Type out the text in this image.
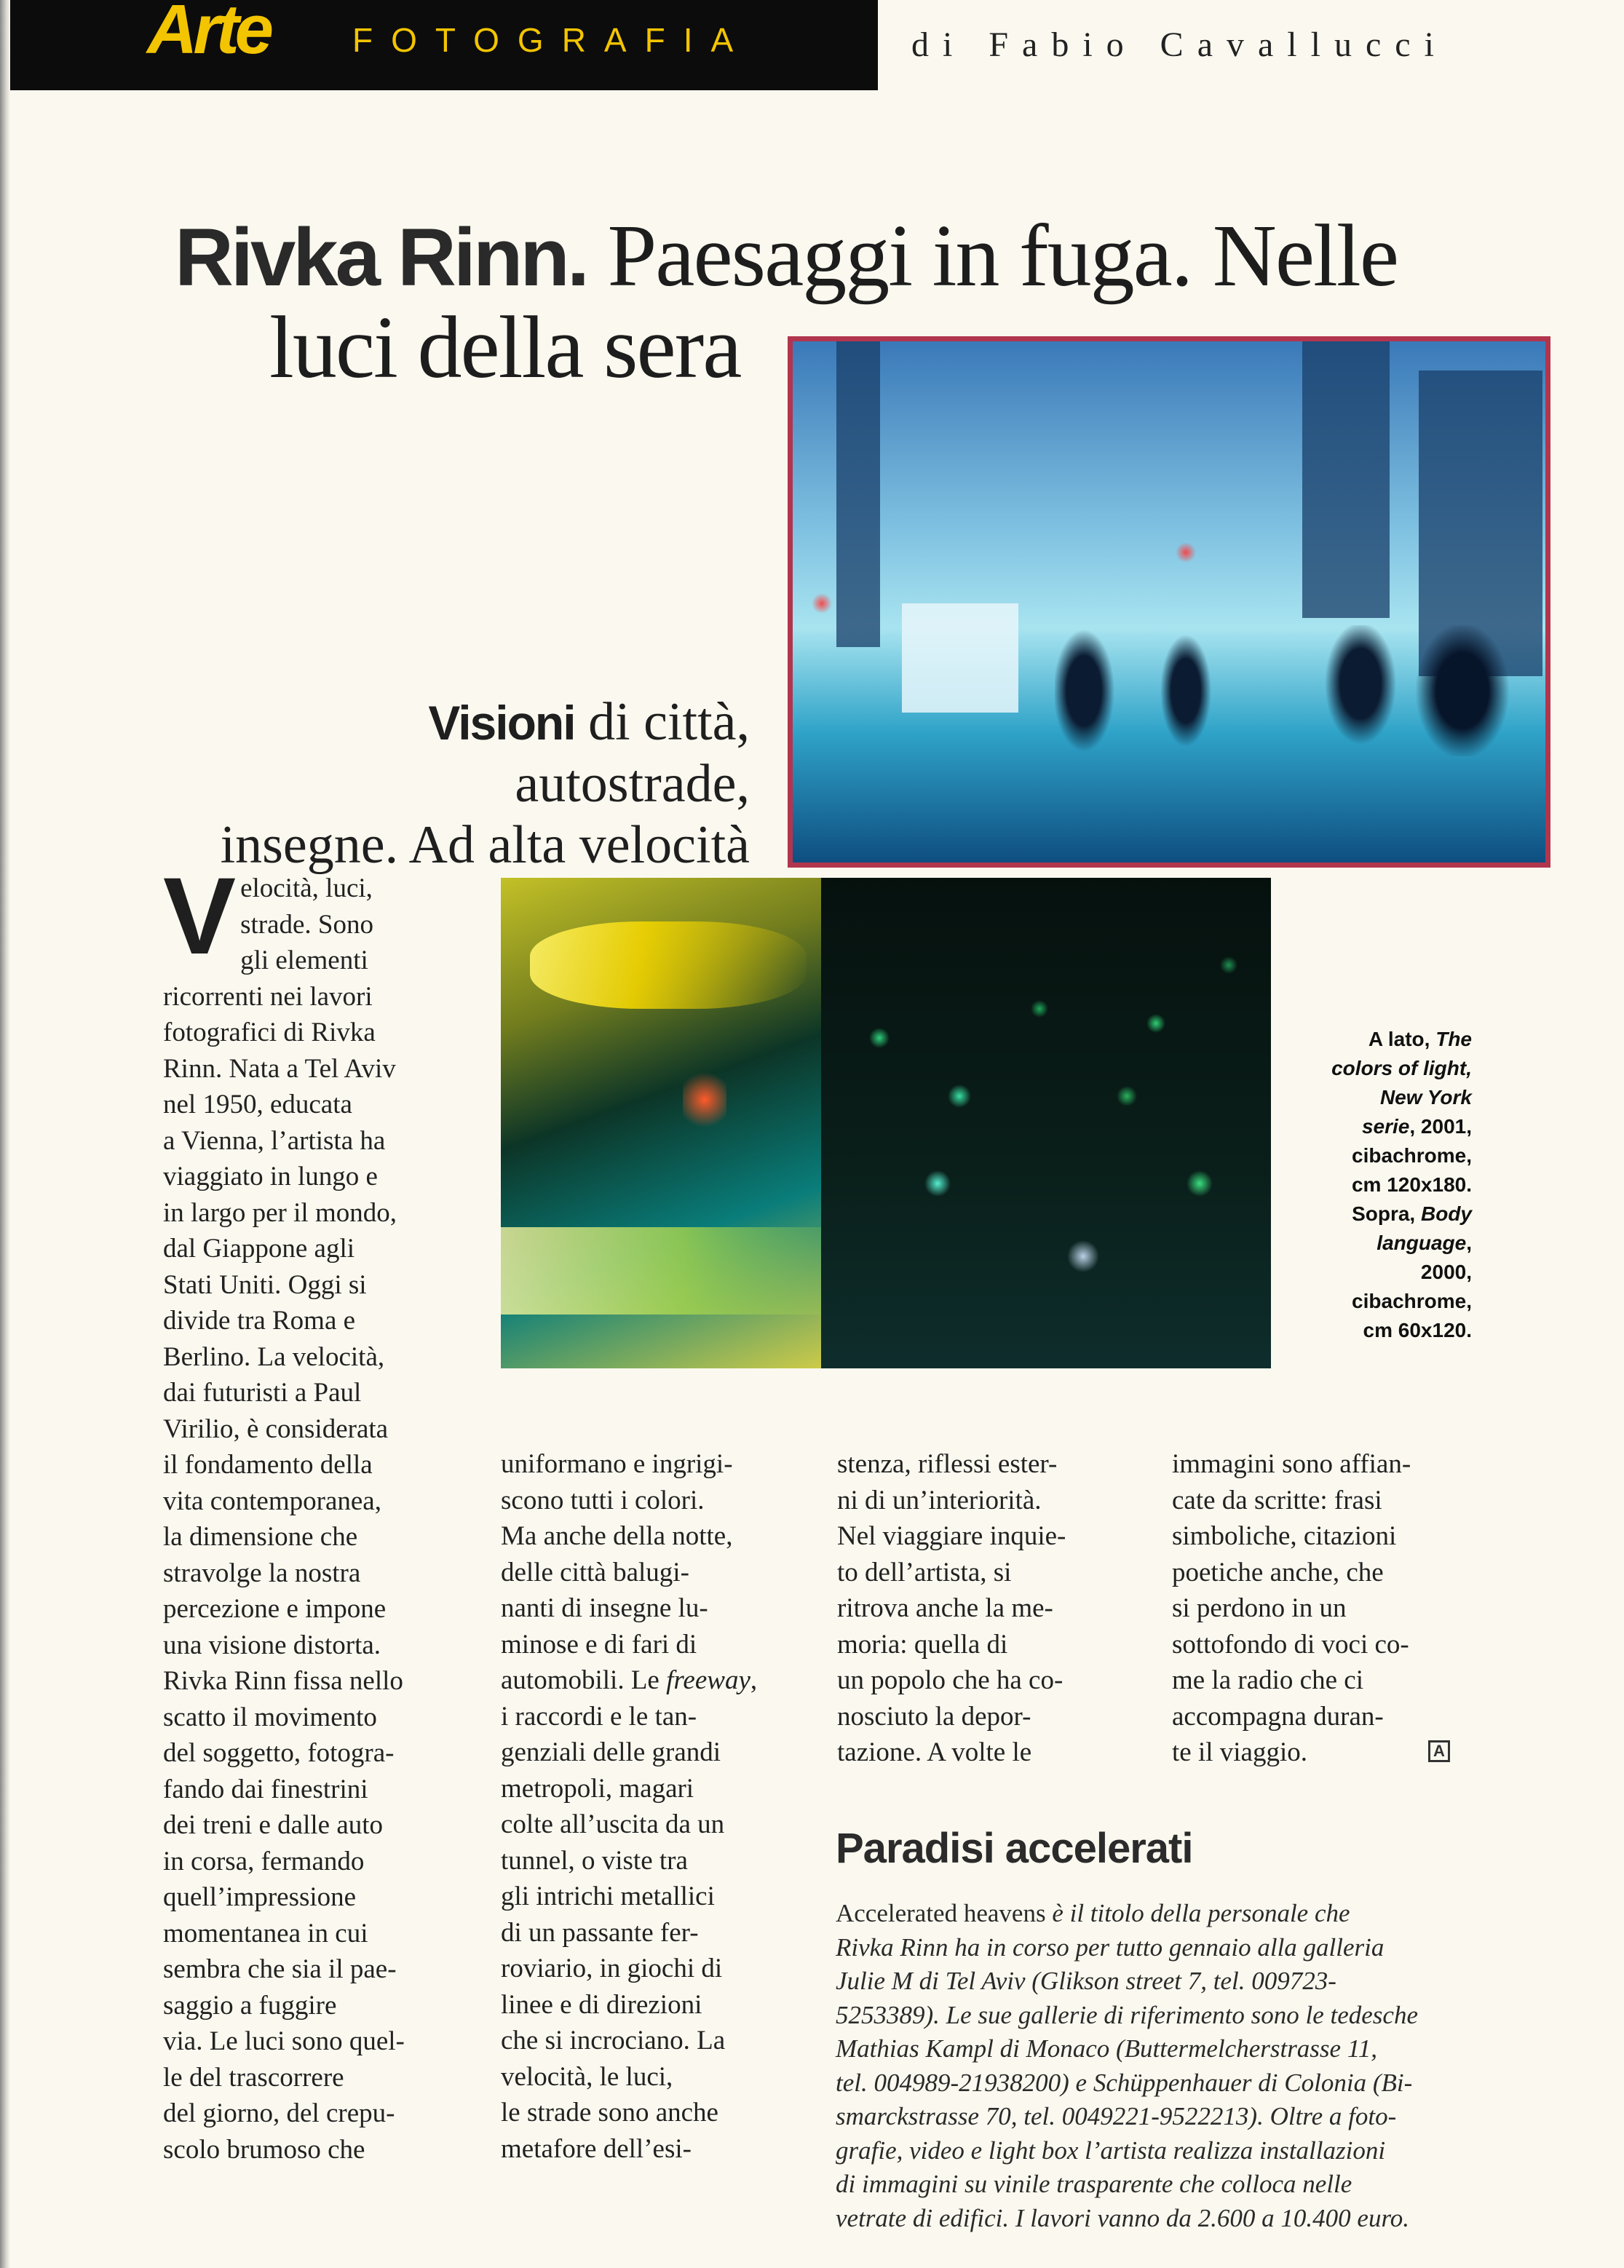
Arte FOTOGRAFIA	di Fabio Cavallucci
Rivka Rinn. Paesaggi in fuga. Nelle
luci della sera
Visioni di città, autostrade,
insegne. Ad alta velocità
A lato, The colors of light, New York serie, 2001, cibachrome, cm 120x180. Sopra, Body language, 2000, cibachrome, cm 60x120.
Velocità, luci,
strade. Sono
gli elementi
ricorrenti nei lavori
fotografici di Rivka
Rinn. Nata a Tel Aviv
nel 1950, educata
a Vienna, l’artista ha
viaggiato in lungo e
in largo per il mondo,
dal Giappone agli
Stati Uniti. Oggi si
divide tra Roma e
Berlino. La velocità,
dai futuristi a Paul
Virilio, è considerata
il fondamento della
vita contemporanea,
la dimensione che
stravolge la nostra
percezione e impone
una visione distorta.
Rivka Rinn fissa nello
scatto il movimento
del soggetto, fotogra-
fando dai finestrini
dei treni e dalle auto
in corsa, fermando
quell’impressione
momentanea in cui
sembra che sia il pae-
saggio a fuggire
via. Le luci sono quel-
le del trascorrere
del giorno, del crepu-
scolo brumoso che
uniformano e ingrigi-
scono tutti i colori.
Ma anche della notte,
delle città balugi-
nanti di insegne lu-
minose e di fari di
automobili. Le freeway,
i raccordi e le tan-
genziali delle grandi
metropoli, magari
colte all’uscita da un
tunnel, o viste tra
gli intrichi metallici
di un passante fer-
roviario, in giochi di
linee e di direzioni
che si incrociano. La
velocità, le luci,
le strade sono anche
metafore dell’esi-
stenza, riflessi ester-
ni di un’interiorità.
Nel viaggiare inquie-
to dell’artista, si
ritrova anche la me-
moria: quella di
un popolo che ha co-
nosciuto la depor-
tazione. A volte le
immagini sono affian-
cate da scritte: frasi
simboliche, citazioni
poetiche anche, che
si perdono in un
sottofondo di voci co-
me la radio che ci
accompagna duran-
te il viaggio.	A
Paradisi accelerati
Accelerated heavens è il titolo della personale che
Rivka Rinn ha in corso per tutto gennaio alla galleria
Julie M di Tel Aviv (Glikson street 7, tel. 009723-
5253389). Le sue gallerie di riferimento sono le tedesche
Mathias Kampl di Monaco (Buttermelcherstrasse 11,
tel. 004989-21938200) e Schüppenhauer di Colonia (Bi-
smarckstrasse 70, tel. 0049221-9522213). Oltre a foto-
grafie, video e light box l’artista realizza installazioni
di immagini su vinile trasparente che colloca nelle
vetrate di edifici. I lavori vanno da 2.600 a 10.400 euro.
